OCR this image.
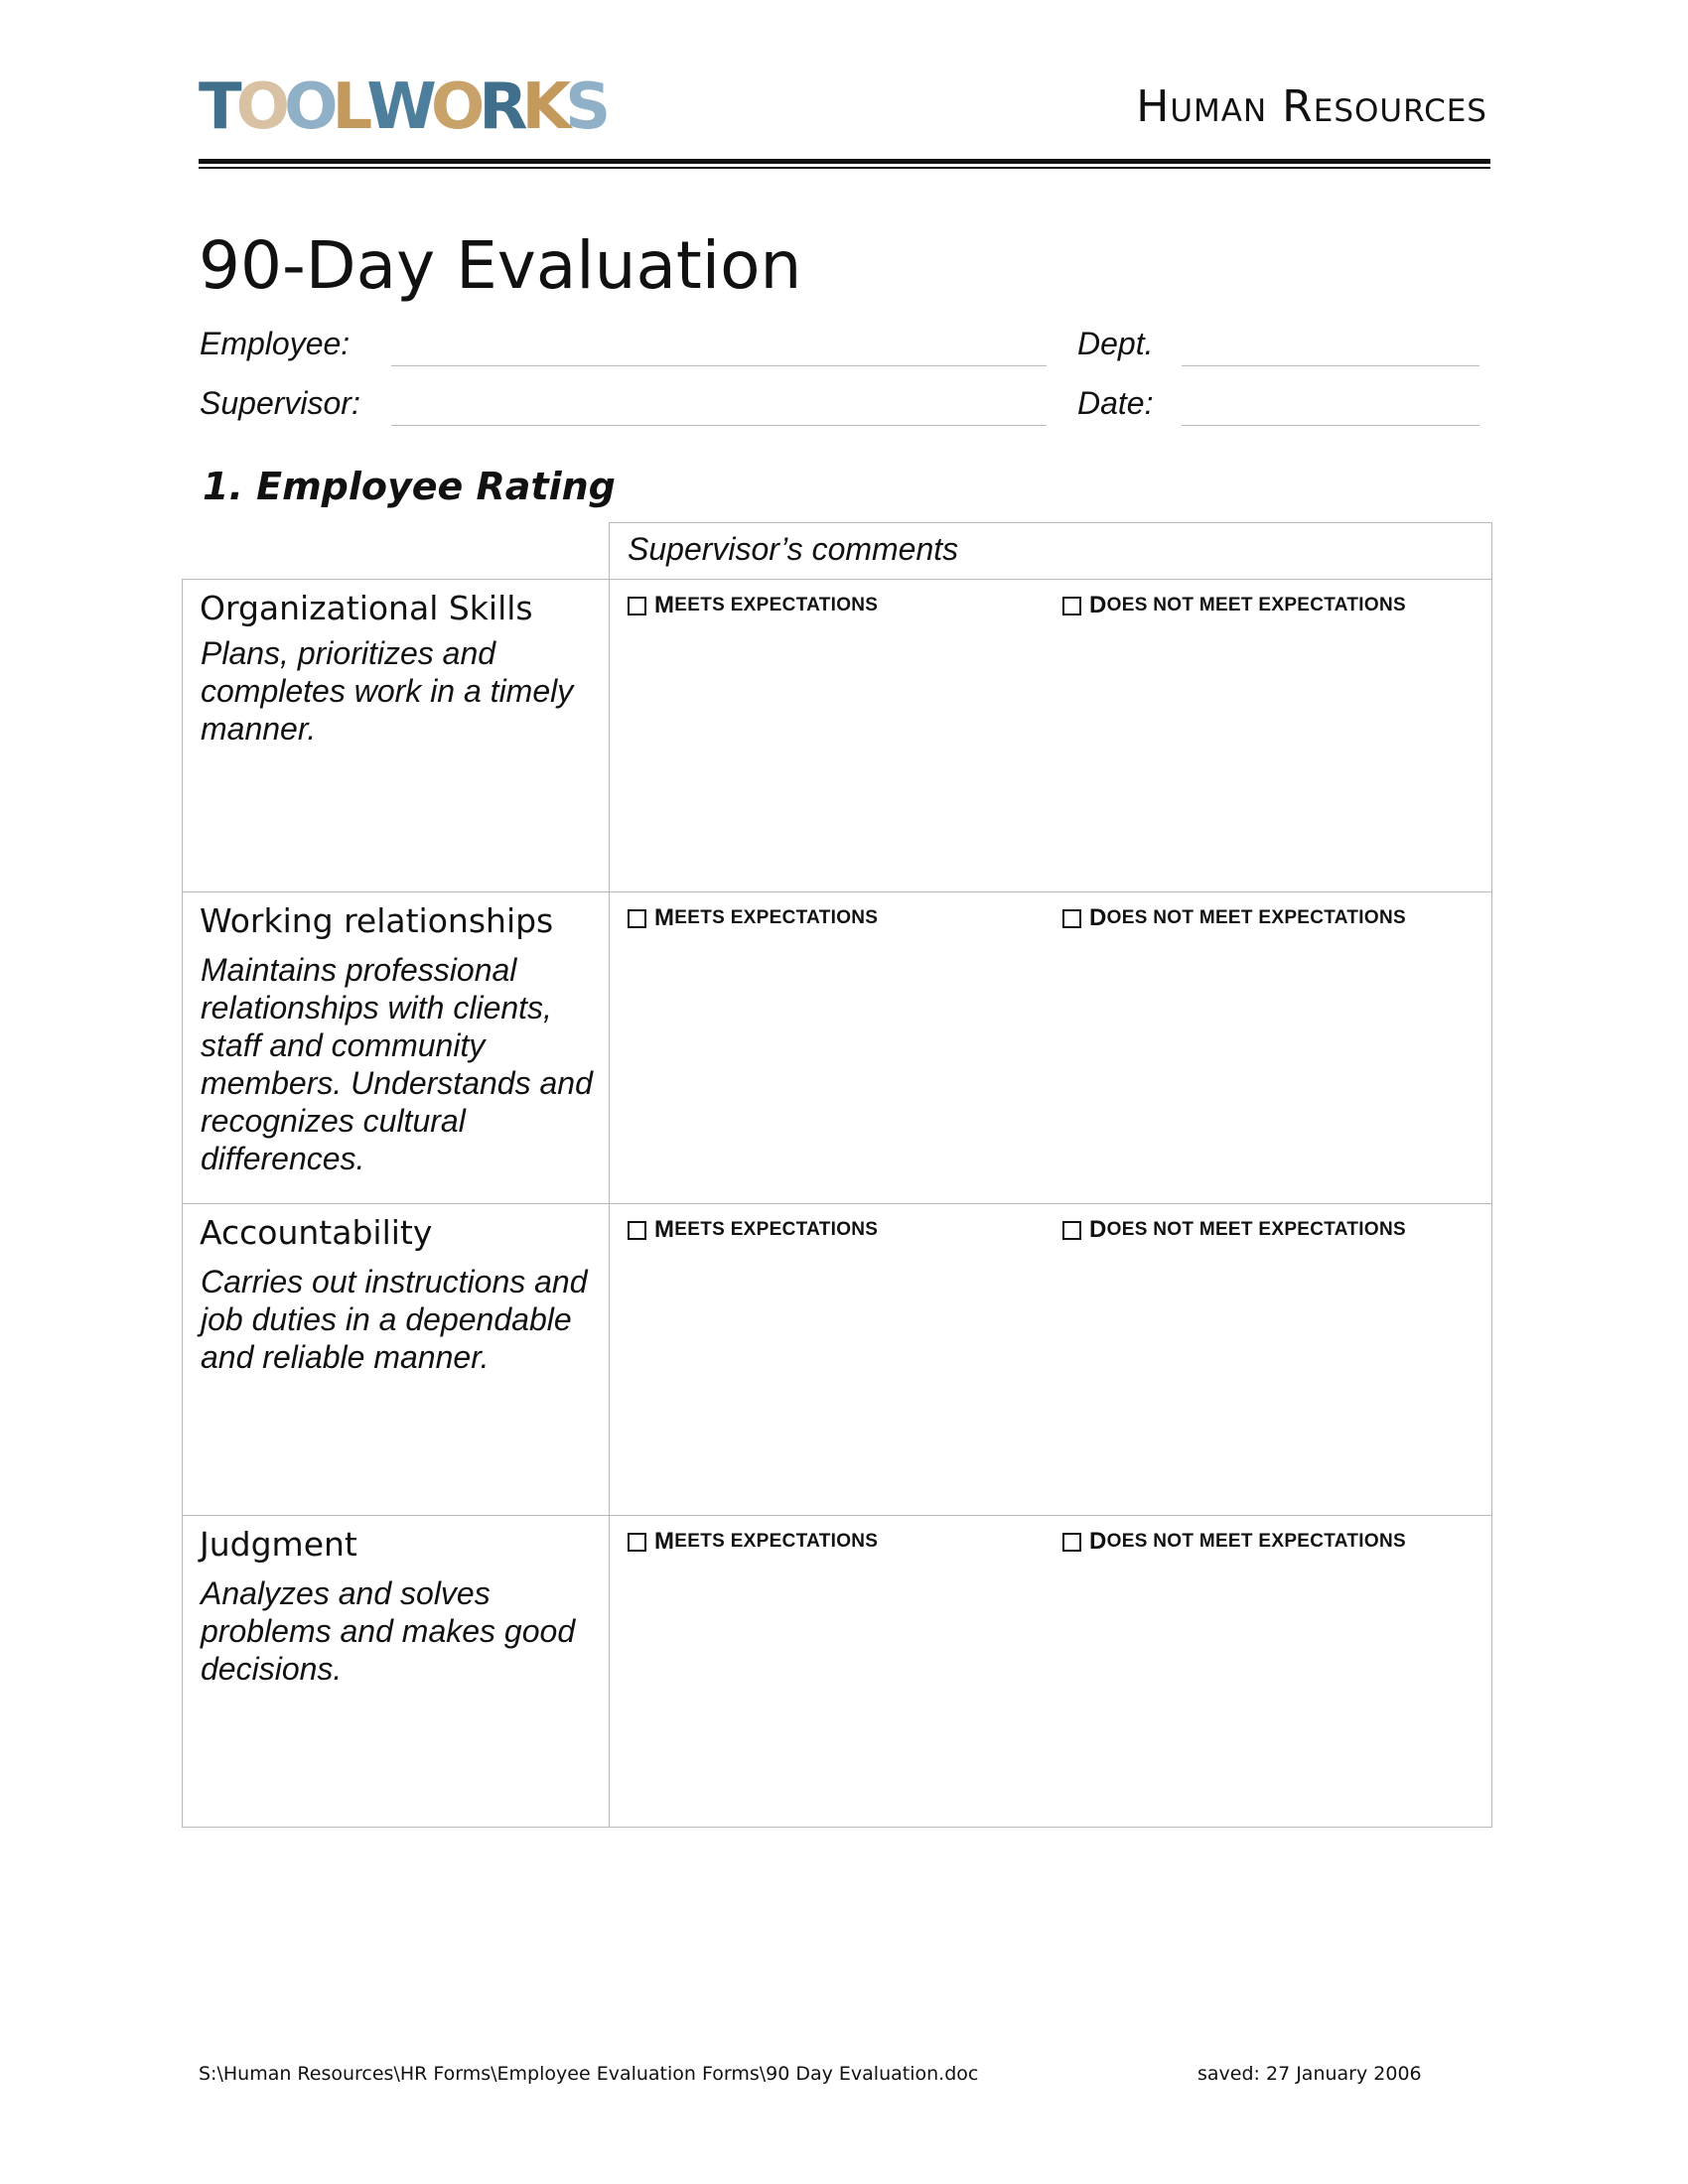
TOOLWORKS	Human Resources
90-Day Evaluation
Employee:	Dept.
Supervisor:	Date:
1. Employee Rating
Supervisor’s comments
Organizational Skills
Plans, prioritizes and completes work in a timely manner.
M EETS EXPECTATIONS	D OES NOT MEET EXPECTATIONS
Working relationships
Maintains professional relationships with clients, staff and community members. Understands and recognizes cultural differences.
M EETS EXPECTATIONS	D OES NOT MEET EXPECTATIONS
Accountability
Carries out instructions and job duties in a dependable and reliable manner.
M EETS EXPECTATIONS	D OES NOT MEET EXPECTATIONS
Judgment
Analyzes and solves problems and makes good decisions.
M EETS EXPECTATIONS	D OES NOT MEET EXPECTATIONS
S:\Human Resources\HR Forms\Employee Evaluation Forms\90 Day Evaluation.doc	saved: 27 January 2006
